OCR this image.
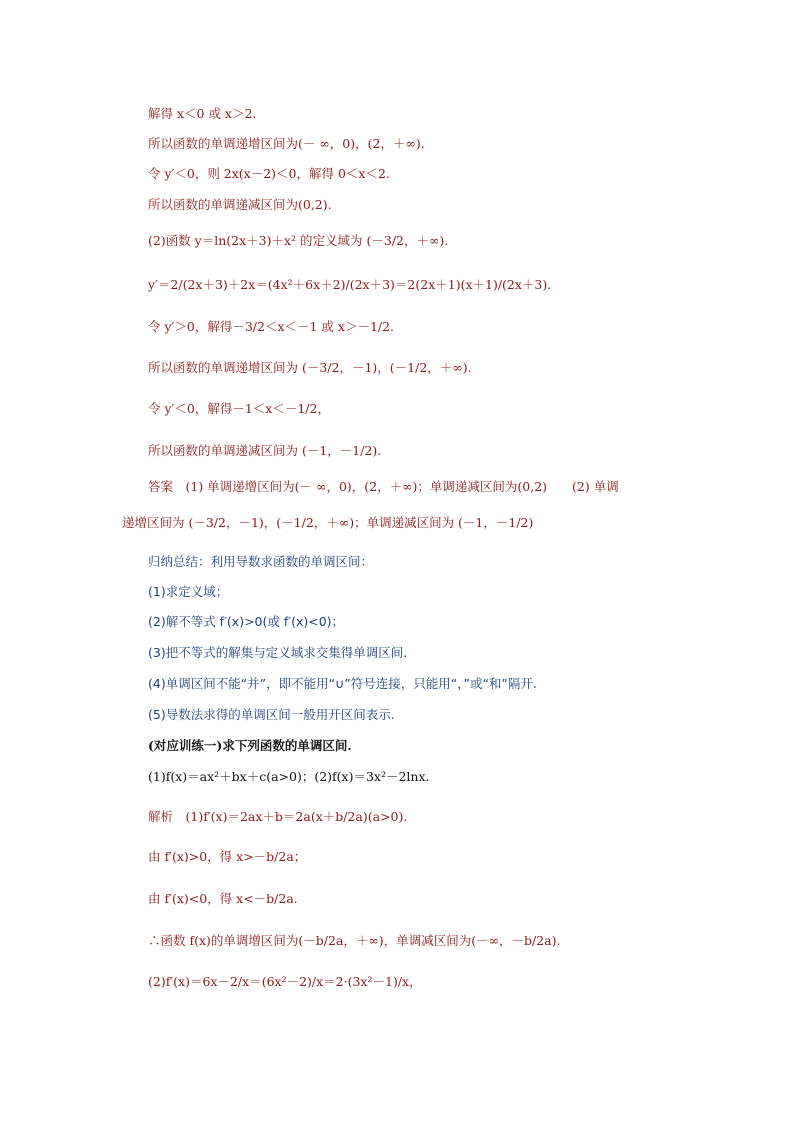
解得 x＜0 或 x＞2.
所以函数的单调递增区间为(－ ∞，0)，(2，＋∞).
令 y′＜0，则 2x(x－2)＜0，解得 0＜x＜2.
所以函数的单调递减区间为(0,2).
(2)函数 y＝ln(2x＋3)＋x² 的定义域为 (－3/2，＋∞).
y′＝2/(2x＋3)＋2x＝(4x²＋6x＋2)/(2x＋3)＝2(2x＋1)(x＋1)/(2x＋3).
令 y′＞0，解得－3/2＜x＜－1 或 x＞－1/2.
所以函数的单调递增区间为 (－3/2，－1)，(－1/2，＋∞).
令 y′＜0，解得－1＜x＜－1/2，
所以函数的单调递减区间为 (－1，－1/2).
答案　(1) 单调递增区间为(－ ∞，0)，(2，＋∞)；单调递减区间为(0,2)　　(2) 单调
递增区间为 (－3/2，－1)，(－1/2，＋∞)；单调递减区间为 (－1，－1/2)
归纳总结：利用导数求函数的单调区间：
(1)求定义域；
(2)解不等式 f′(x)>0(或 f′(x)<0)；
(3)把不等式的解集与定义域求交集得单调区间.
(4)单调区间不能“并”，即不能用“∪”符号连接，只能用“，”或“和”隔开.
(5)导数法求得的单调区间一般用开区间表示.
(对应训练一)求下列函数的单调区间.
(1)f(x)＝ax²＋bx＋c(a>0)；(2)f(x)＝3x²－2lnx.
解析　(1)f′(x)＝2ax＋b＝2a(x＋b/2a)(a>0).
由 f′(x)>0，得 x>－b/2a；
由 f′(x)<0，得 x<－b/2a.
∴函数 f(x)的单调增区间为(－b/2a，＋∞)，单调减区间为(－∞，－b/2a).
(2)f′(x)＝6x－2/x＝(6x²－2)/x＝2·(3x²－1)/x，
